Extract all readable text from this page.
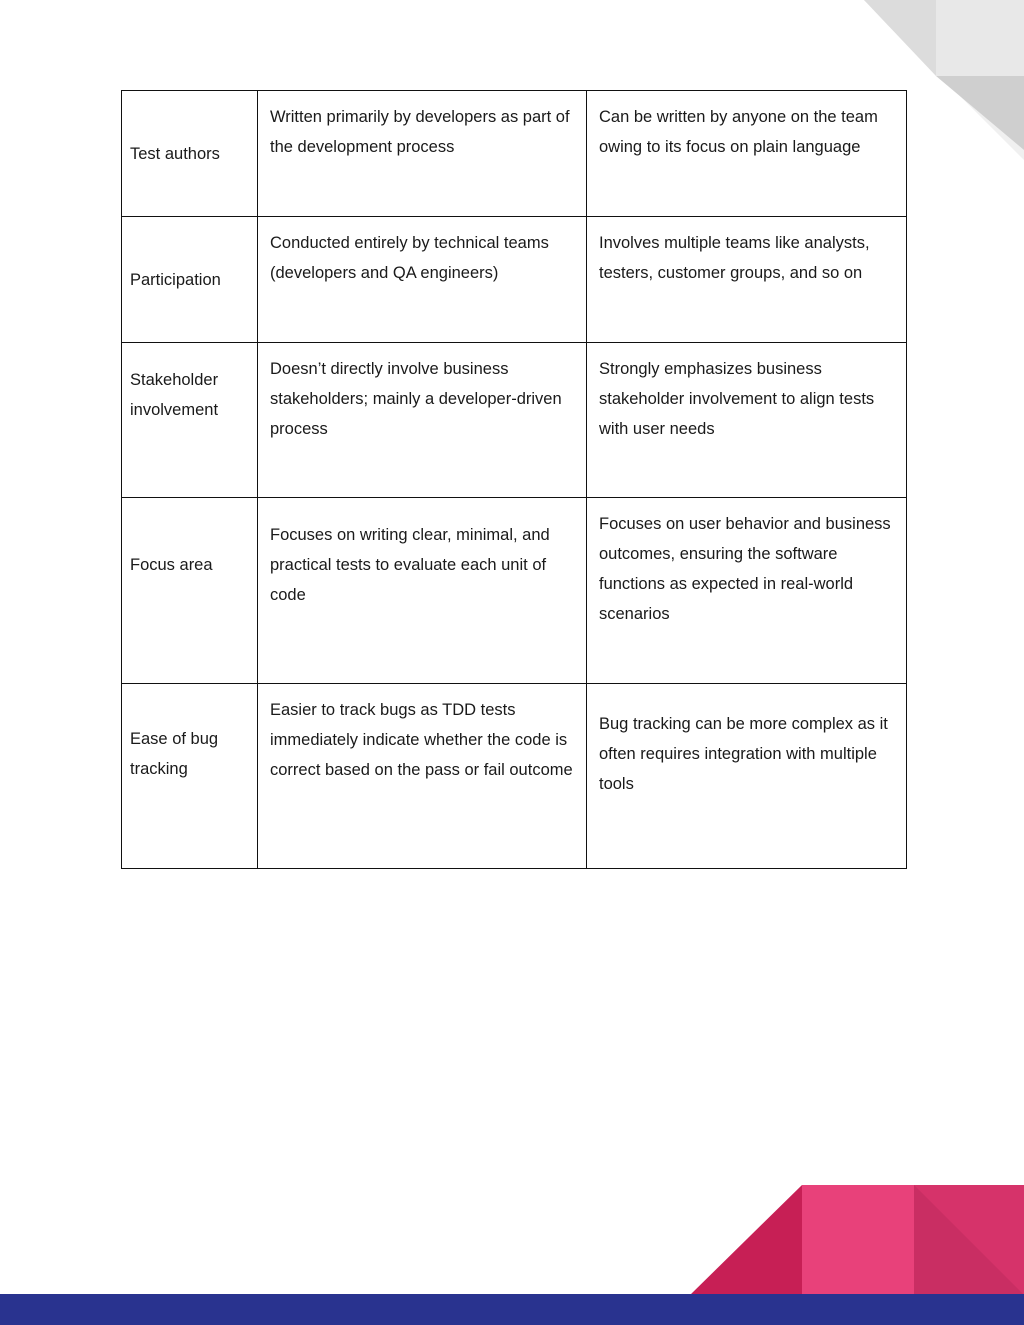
Test authors	Written primarily by developers as part of the development process	Can be written by anyone on the team owing to its focus on plain language

Participation	Conducted entirely by technical teams (developers and QA engineers)	Involves multiple teams like analysts, testers, customer groups, and so on

Stakeholder involvement	Doesn’t directly involve business stakeholders; mainly a developer-driven process	Strongly emphasizes business stakeholder involvement to align tests with user needs

Focus area	Focuses on writing clear, minimal, and practical tests to evaluate each unit of code	Focuses on user behavior and business outcomes, ensuring the software functions as expected in real-world scenarios

Ease of bug tracking	Easier to track bugs as TDD tests immediately indicate whether the code is correct based on the pass or fail outcome	Bug tracking can be more complex as it often requires integration with multiple tools
